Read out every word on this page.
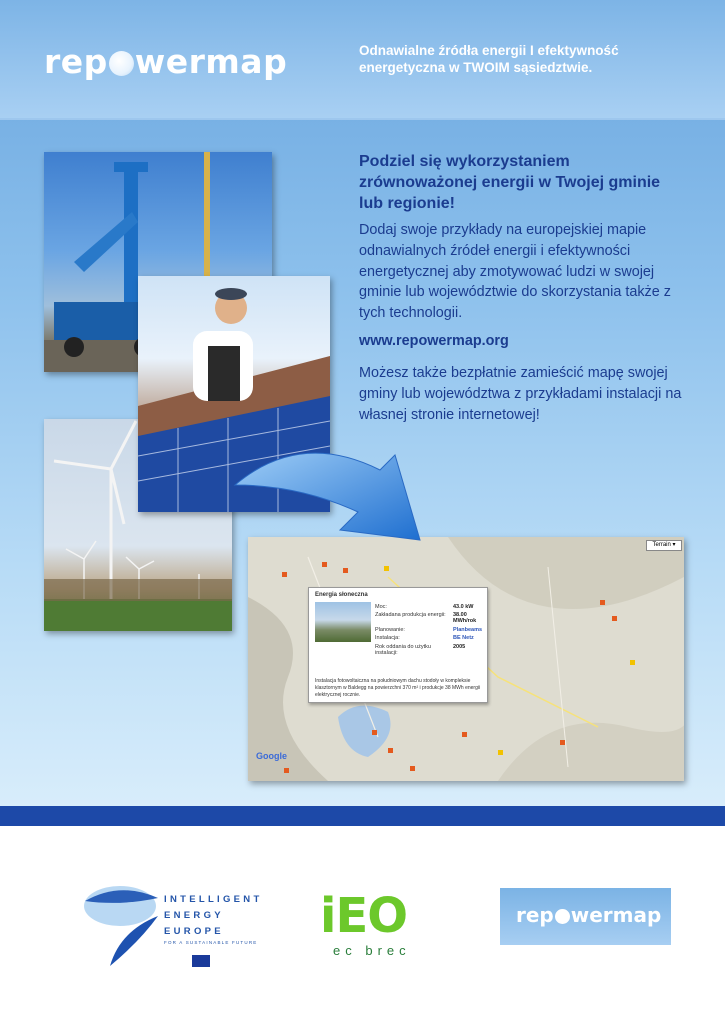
rep wermap	Odnawialne źródła energii I efektywność energetyczna w TWOIM sąsiedztwie.
Podziel się wykorzystaniem zrównoważonej energii w Twojej gminie lub regionie!

Dodaj swoje przykłady na europejskiej mapie odnawialnych źródeł energii i efektywności energetycznej aby zmotywować ludzi w swojej gminie lub województwie do skorzystania także z tych technologii.

www.repowermap.org

Możesz także bezpłatnie zamieścić mapę swojej gminy lub województwa z przykładami instalacji na własnej stronie internetowej!

Terrain ▾
Google
Energia słoneczna
Moc:	43.0 kW
Zakładana produkcja energii:	38.00 MWh/rok
Planowanie:	Planbeams
Instalacja:	BE Netz
Rok oddania do użytku instalacji:
2005
Instalacja fotowoltaiczna na południowym dachu stodoły w kompleksie klasztornym w Baldegg na powierzchni 370 m² i produkcje 38 MWh energii elektrycznej rocznie.
INTELLIGENT
ENERGY
EUROPE
FOR A SUSTAINABLE FUTURE iEO
ec brec
rep wermap
